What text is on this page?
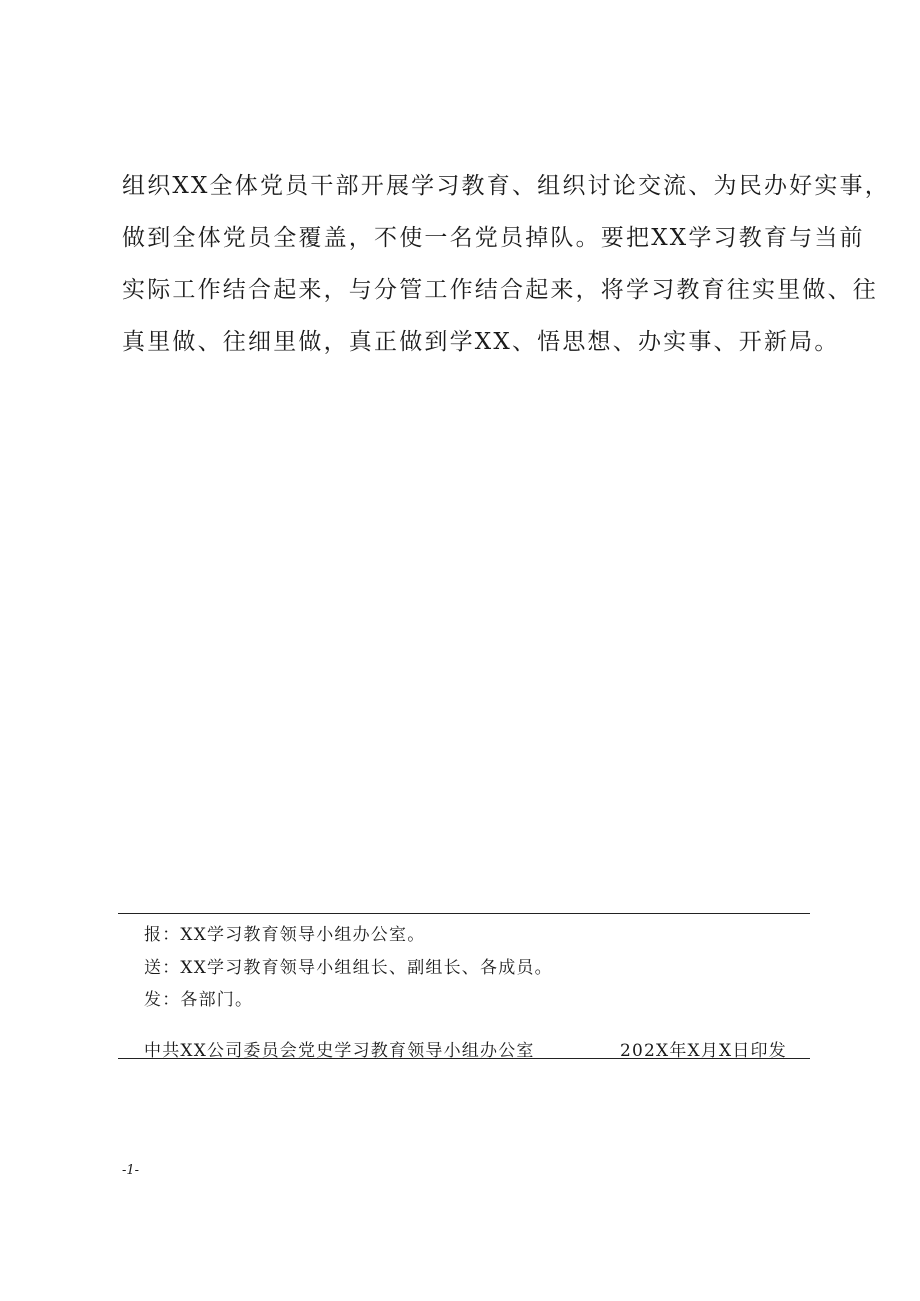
组织XX全体党员干部开展学习教育、组织讨论交流、为民办好实事，
做到全体党员全覆盖，不使一名党员掉队。要把XX学习教育与当前
实际工作结合起来，与分管工作结合起来，将学习教育往实里做、往
真里做、往细里做，真正做到学XX、悟思想、办实事、开新局。
报：XX学习教育领导小组办公室。
送：XX学习教育领导小组组长、副组长、各成员。
发：各部门。
中共XX公司委员会党史学习教育领导小组办公室	202X年X月X日印发
-1-
